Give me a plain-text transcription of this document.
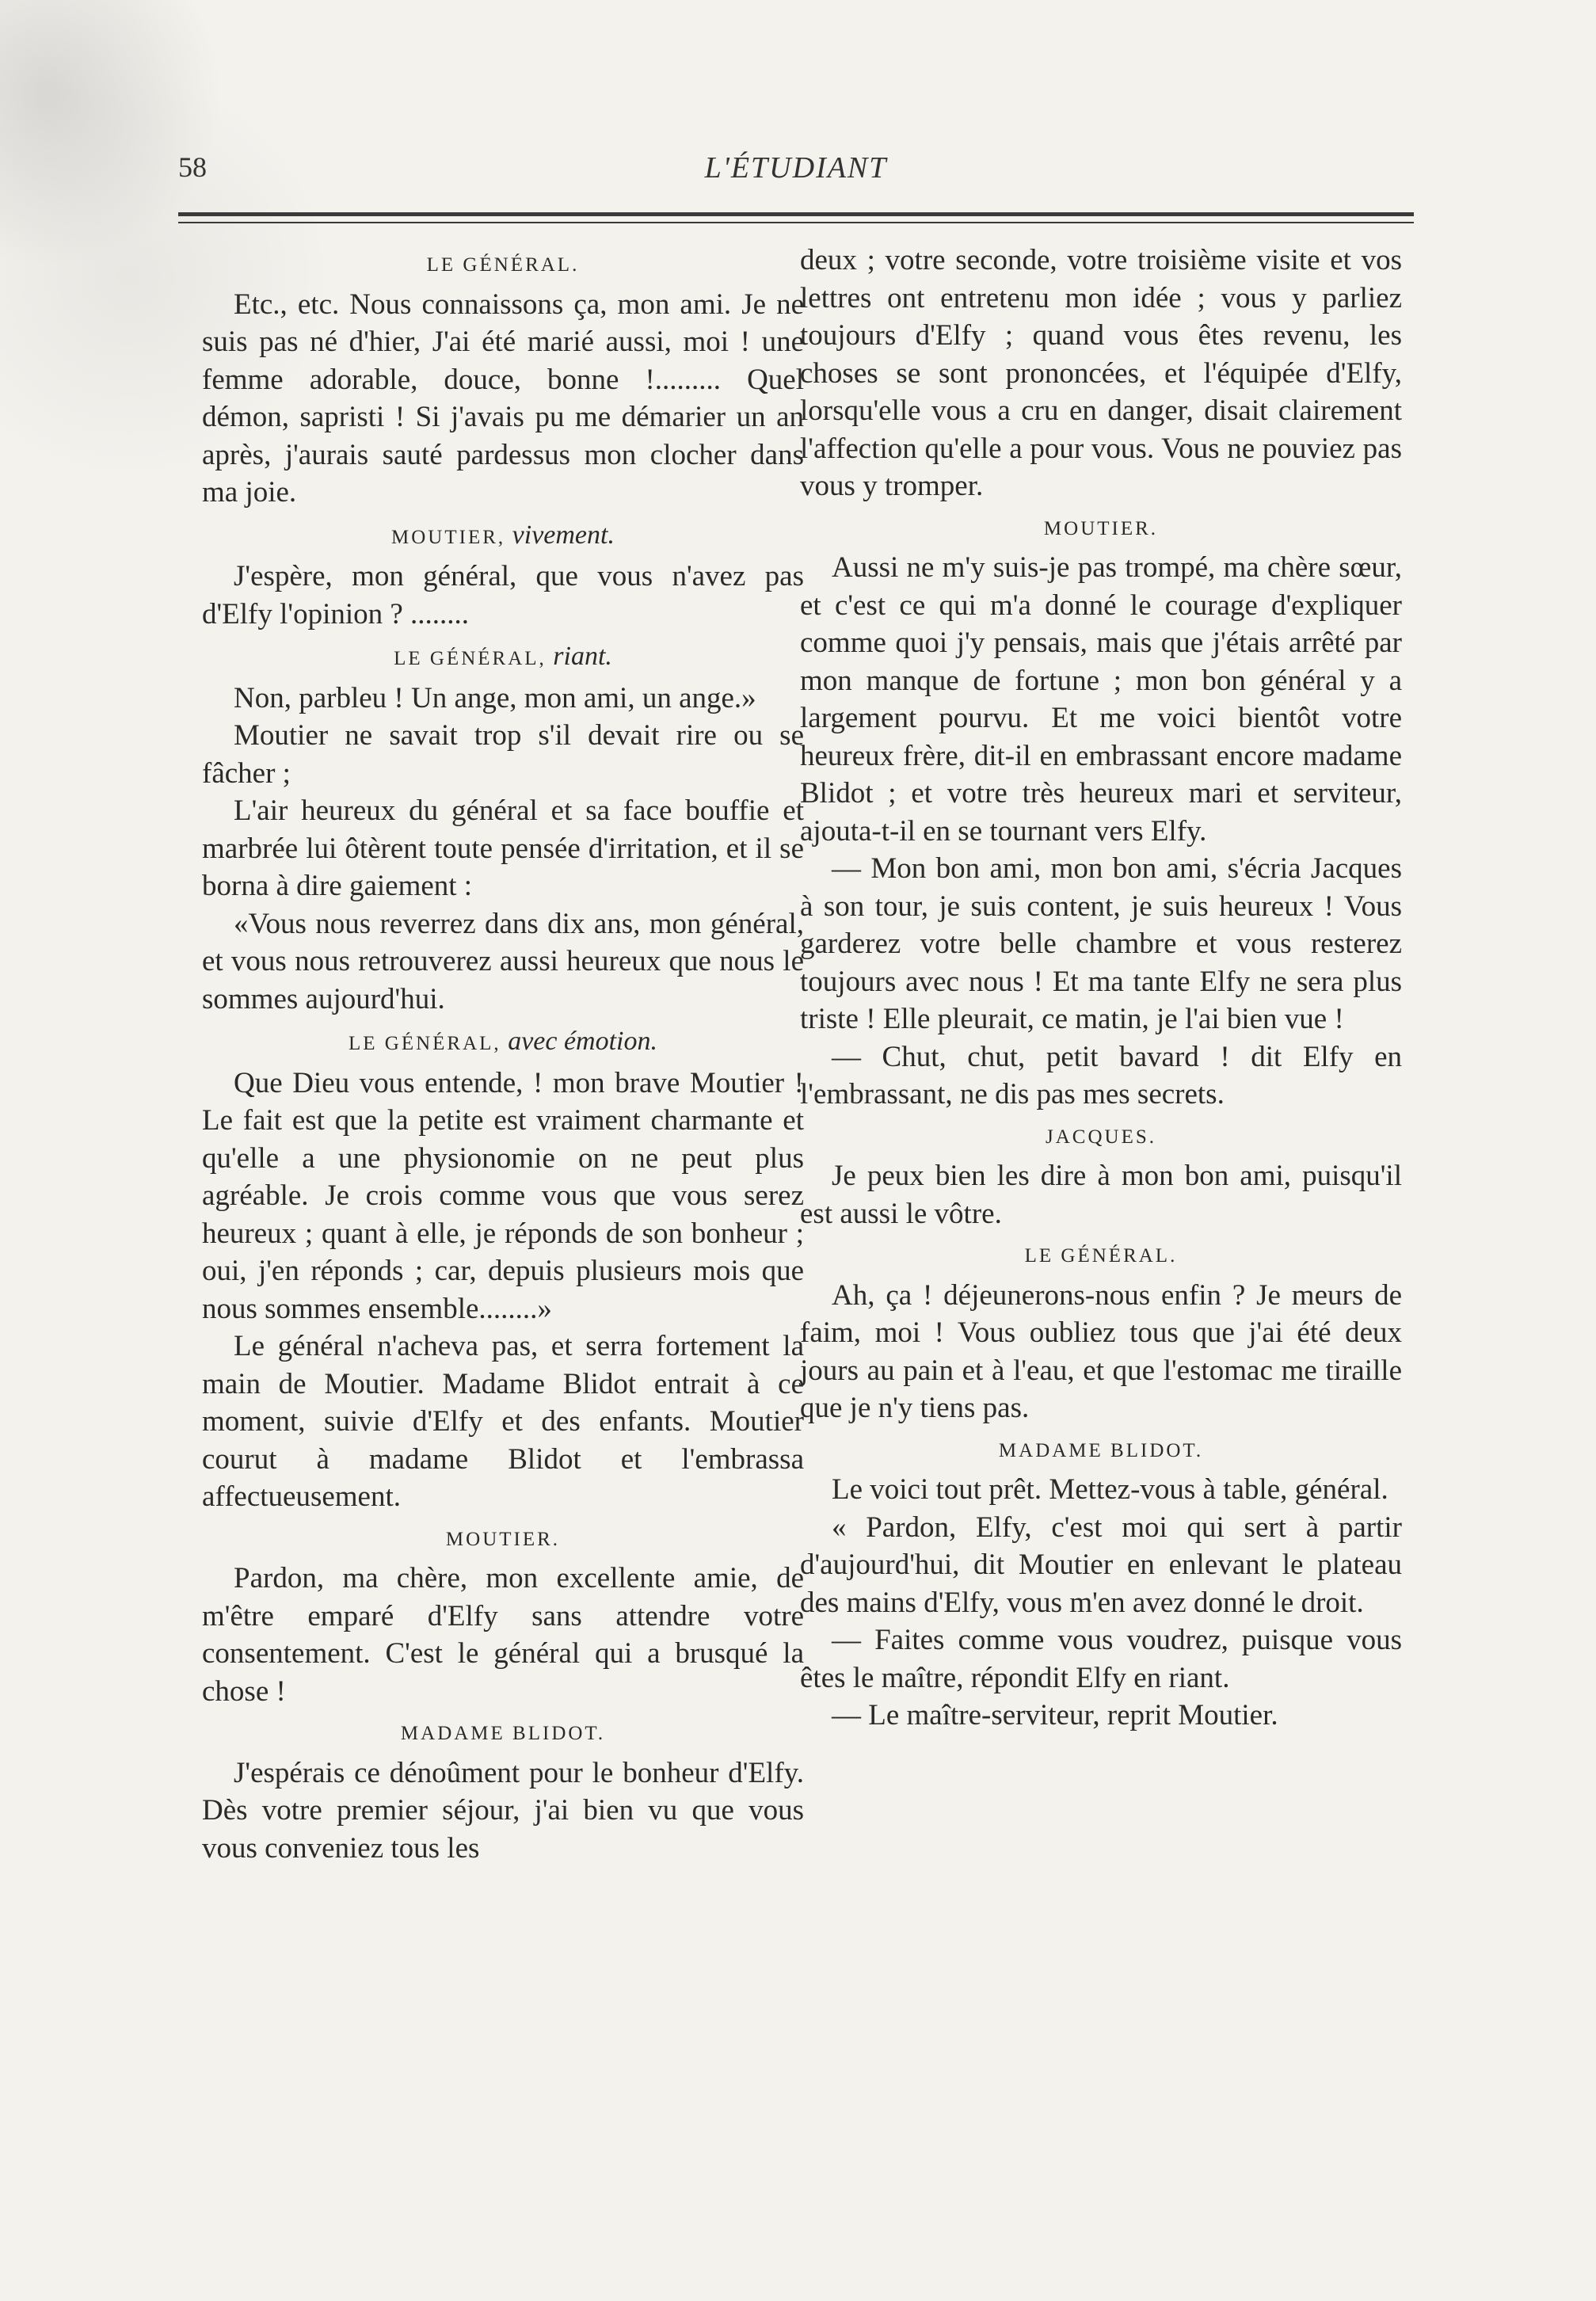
58	L'ÉTUDIANT
LE GÉNÉRAL.

Etc., etc. Nous connaissons ça, mon ami. Je ne suis pas né d'hier, J'ai été marié aussi, moi ! une femme adorable, douce, bonne !......... Quel démon, sapristi ! Si j'avais pu me démarier un an après, j'aurais sauté pardessus mon clocher dans ma joie.

MOUTIER, vivement.

J'espère, mon général, que vous n'avez pas d'Elfy l'opinion ? ........

LE GÉNÉRAL, riant.

Non, parbleu ! Un ange, mon ami, un ange.»

Moutier ne savait trop s'il devait rire ou se fâcher ;

L'air heureux du général et sa face bouffie et marbrée lui ôtèrent toute pensée d'irritation, et il se borna à dire gaiement :

«Vous nous reverrez dans dix ans, mon général, et vous nous retrouverez aussi heureux que nous le sommes aujourd'hui.

LE GÉNÉRAL, avec émotion.

Que Dieu vous entende, ! mon brave Moutier ! Le fait est que la petite est vraiment charmante et qu'elle a une physionomie on ne peut plus agréable. Je crois comme vous que vous serez heureux ; quant à elle, je réponds de son bonheur ; oui, j'en réponds ; car, depuis plusieurs mois que nous sommes ensemble........»

Le général n'acheva pas, et serra fortement la main de Moutier. Madame Blidot entrait à ce moment, suivie d'Elfy et des enfants. Moutier courut à madame Blidot et l'embrassa affectueusement.

MOUTIER.

Pardon, ma chère, mon excellente amie, de m'être emparé d'Elfy sans attendre votre consentement. C'est le général qui a brusqué la chose !

MADAME BLIDOT.

J'espérais ce dénoûment pour le bonheur d'Elfy. Dès votre premier séjour, j'ai bien vu que vous vous conveniez tous les

deux ; votre seconde, votre troisième visite et vos lettres ont entretenu mon idée ; vous y parliez toujours d'Elfy ; quand vous êtes revenu, les choses se sont prononcées, et l'équipée d'Elfy, lorsqu'elle vous a cru en danger, disait clairement l'affection qu'elle a pour vous. Vous ne pouviez pas vous y tromper.

MOUTIER.

Aussi ne m'y suis-je pas trompé, ma chère sœur, et c'est ce qui m'a donné le courage d'expliquer comme quoi j'y pensais, mais que j'étais arrêté par mon manque de fortune ; mon bon général y a largement pourvu. Et me voici bientôt votre heureux frère, dit-il en embrassant encore madame Blidot ; et votre très heureux mari et serviteur, ajouta-t-il en se tournant vers Elfy.

— Mon bon ami, mon bon ami, s'écria Jacques à son tour, je suis content, je suis heureux ! Vous garderez votre belle chambre et vous resterez toujours avec nous ! Et ma tante Elfy ne sera plus triste ! Elle pleurait, ce matin, je l'ai bien vue !

— Chut, chut, petit bavard ! dit Elfy en l'embrassant, ne dis pas mes secrets.

JACQUES.

Je peux bien les dire à mon bon ami, puisqu'il est aussi le vôtre.

LE GÉNÉRAL.

Ah, ça ! déjeunerons-nous enfin ? Je meurs de faim, moi ! Vous oubliez tous que j'ai été deux jours au pain et à l'eau, et que l'estomac me tiraille que je n'y tiens pas.

MADAME BLIDOT.

Le voici tout prêt. Mettez-vous à table, général.

« Pardon, Elfy, c'est moi qui sert à partir d'aujourd'hui, dit Moutier en enlevant le plateau des mains d'Elfy, vous m'en avez donné le droit.

— Faites comme vous voudrez, puisque vous êtes le maître, répondit Elfy en riant.

— Le maître-serviteur, reprit Moutier.
